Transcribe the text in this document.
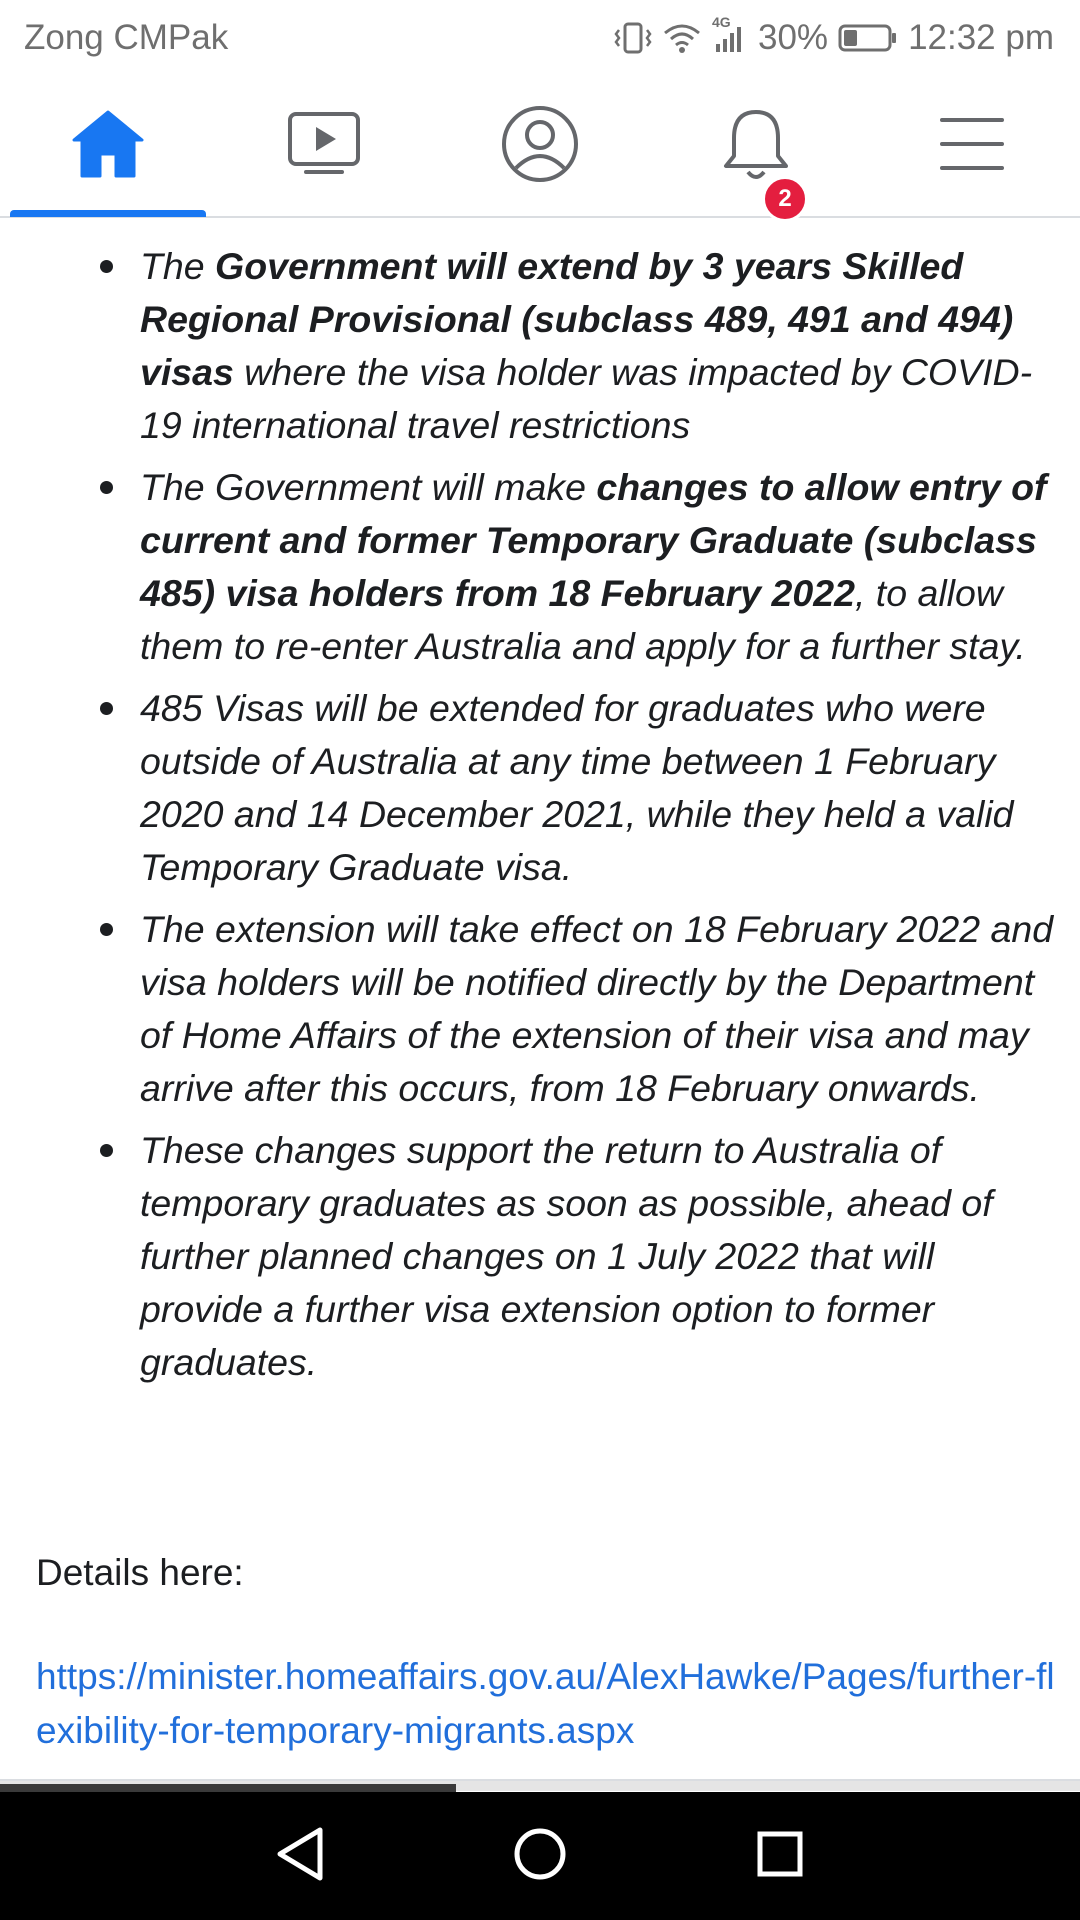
Zong CMPak	4G 30% 12:32 pm
2
The Government will extend by 3 years Skilled Regional Provisional (subclass 489, 491 and 494) visas where the visa holder was impacted by COVID-19 international travel restrictions
The Government will make changes to allow entry of current and former Temporary Graduate (subclass 485) visa holders from 18 February 2022, to allow them to re-enter Australia and apply for a further stay.
485 Visas will be extended for graduates who were outside of Australia at any time between 1 February 2020 and 14 December 2021, while they held a valid Temporary Graduate visa.
The extension will take effect on 18 February 2022 and visa holders will be notified directly by the Department of Home Affairs of the extension of their visa and may arrive after this occurs, from 18 February onwards.
These changes support the return to Australia of temporary graduates as soon as possible, ahead of further planned changes on 1 July 2022 that will provide a further visa extension option to former graduates.
Details here:
https://minister.homeaffairs.gov.au/AlexHawke/Pages/further-flexibility-for-temporary-migrants.aspx
